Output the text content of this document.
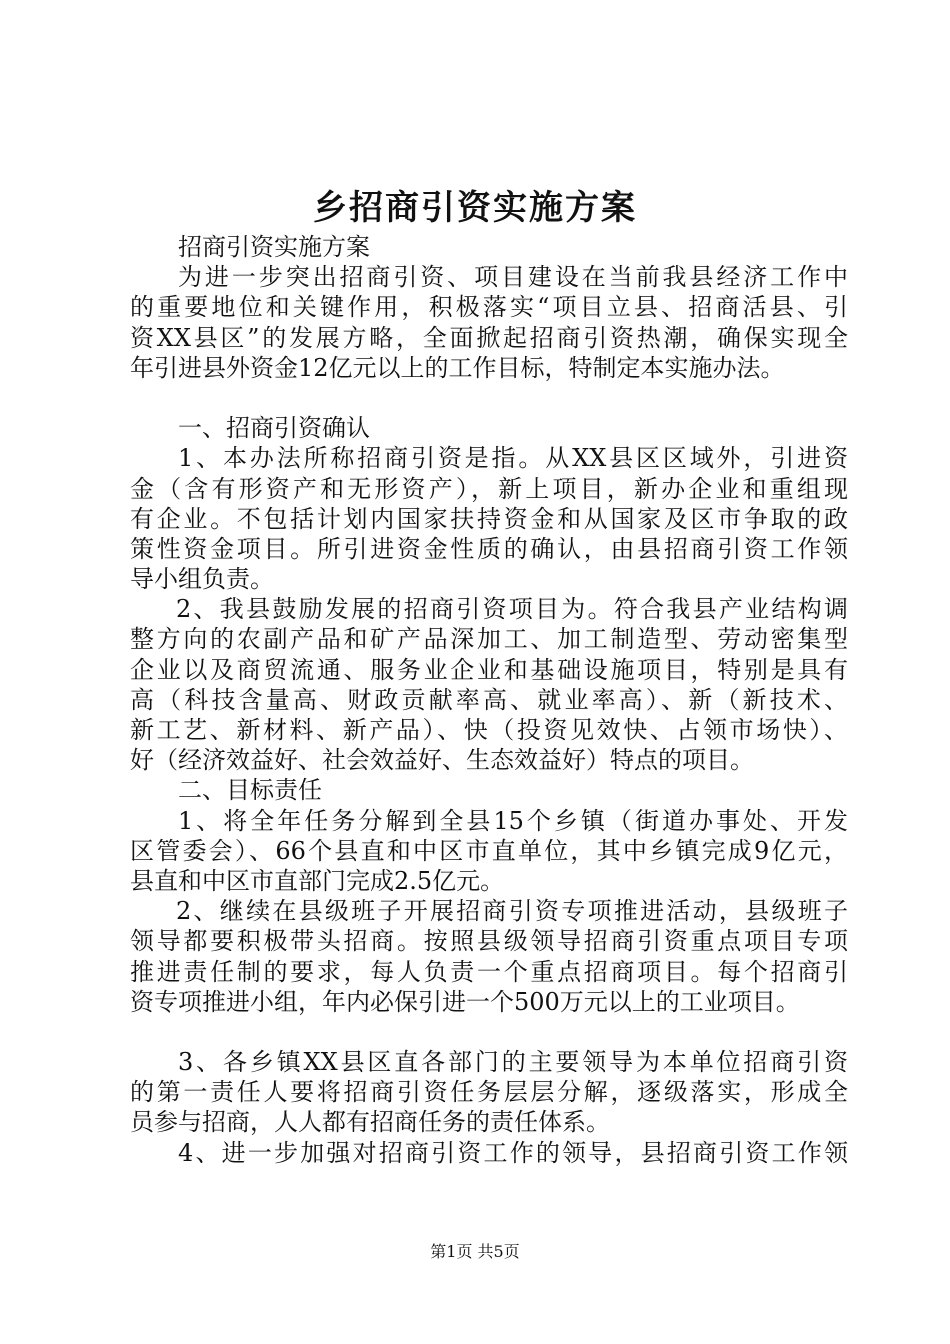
乡招商引资实施方案
招商引资实施方案
为进一步突出招商引资、项目建设在当前我县经济工作中
的重要地位和关键作用，积极落实“项目立县、招商活县、引
资XX县区”的发展方略，全面掀起招商引资热潮，确保实现全
年引进县外资金12亿元以上的工作目标，特制定本实施办法。
一、招商引资确认
1、本办法所称招商引资是指。从XX县区区域外，引进资
金（含有形资产和无形资产），新上项目，新办企业和重组现
有企业。不包括计划内国家扶持资金和从国家及区市争取的政
策性资金项目。所引进资金性质的确认，由县招商引资工作领
导小组负责。
2、我县鼓励发展的招商引资项目为。符合我县产业结构调
整方向的农副产品和矿产品深加工、加工制造型、劳动密集型
企业以及商贸流通、服务业企业和基础设施项目，特别是具有
高（科技含量高、财政贡献率高、就业率高）、新（新技术、
新工艺、新材料、新产品）、快（投资见效快、占领市场快）、
好（经济效益好、社会效益好、生态效益好）特点的项目。
二、目标责任
1、将全年任务分解到全县15个乡镇（街道办事处、开发
区管委会）、66个县直和中区市直单位，其中乡镇完成9亿元，
县直和中区市直部门完成2.5亿元。
2、继续在县级班子开展招商引资专项推进活动，县级班子
领导都要积极带头招商。按照县级领导招商引资重点项目专项
推进责任制的要求，每人负责一个重点招商项目。每个招商引
资专项推进小组，年内必保引进一个500万元以上的工业项目。
3、各乡镇XX县区直各部门的主要领导为本单位招商引资
的第一责任人要将招商引资任务层层分解，逐级落实，形成全
员参与招商，人人都有招商任务的责任体系。
4、进一步加强对招商引资工作的领导，县招商引资工作领
第1页 共5页
